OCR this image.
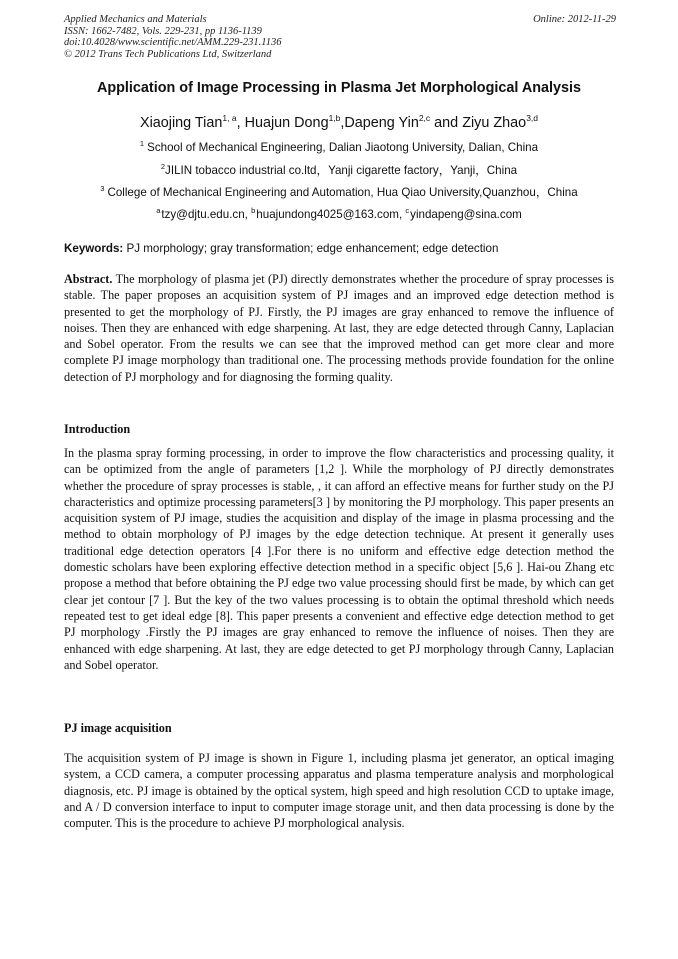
Applied Mechanics and Materials
ISSN: 1662-7482, Vols. 229-231, pp 1136-1139
doi:10.4028/www.scientific.net/AMM.229-231.1136
© 2012 Trans Tech Publications Ltd, Switzerland
Online: 2012-11-29
Application of Image Processing in Plasma Jet Morphological Analysis
Xiaojing Tian$^{1, a}$, Huajun Dong$^{1,b}$,Dapeng Yin$^{2,c}$ and Ziyu Zhao$^{3,d}$
$^1$ School of Mechanical Engineering, Dalian Jiaotong University, Dalian, China
$^2$JILIN tobacco industrial co.ltd，Yanji cigarette factory，Yanji，China
$^3$ College of Mechanical Engineering and Automation, Hua Qiao University,Quanzhou，China
$^a$tzy@djtu.edu.cn, $^b$huajundong4025@163.com, $^c$yindapeng@sina.com
Keywords: PJ morphology; gray transformation; edge enhancement; edge detection
Abstract. The morphology of plasma jet (PJ) directly demonstrates whether the procedure of spray processes is stable. The paper proposes an acquisition system of PJ images and an improved edge detection method is presented to get the morphology of PJ. Firstly, the PJ images are gray enhanced to remove the influence of noises. Then they are enhanced with edge sharpening. At last, they are edge detected through Canny, Laplacian and Sobel operator. From the results we can see that the improved method can get more clear and more complete PJ image morphology than traditional one. The processing methods provide foundation for the online detection of PJ morphology and for diagnosing the forming quality.
Introduction
In the plasma spray forming processing, in order to improve the flow characteristics and processing quality, it can be optimized from the angle of parameters [1,2 ]. While the morphology of PJ directly demonstrates whether the procedure of spray processes is stable, , it can afford an effective means for further study on the PJ characteristics and optimize processing parameters[3 ] by monitoring the PJ morphology. This paper presents an acquisition system of PJ image, studies the acquisition and display of the image in plasma processing and the method to obtain morphology of PJ images by the edge detection technique. At present it generally uses traditional edge detection operators [4 ].For there is no uniform and effective edge detection method the domestic scholars have been exploring effective detection method in a specific object [5,6 ]. Hai-ou Zhang etc propose a method that before obtaining the PJ edge two value processing should first be made, by which can get clear jet contour [7 ]. But the key of the two values processing is to obtain the optimal threshold which needs repeated test to get ideal edge [8]. This paper presents a convenient and effective edge detection method to get PJ morphology .Firstly the PJ images are gray enhanced to remove the influence of noises. Then they are enhanced with edge sharpening. At last, they are edge detected to get PJ morphology through Canny, Laplacian and Sobel operator.
PJ image acquisition
The acquisition system of PJ image is shown in Figure 1, including plasma jet generator, an optical imaging system, a CCD camera, a computer processing apparatus and plasma temperature analysis and morphological diagnosis, etc. PJ image is obtained by the optical system, high speed and high resolution CCD to uptake image, and A / D conversion interface to input to computer image storage unit, and then data processing is done by the computer. This is the procedure to achieve PJ morphological analysis.
